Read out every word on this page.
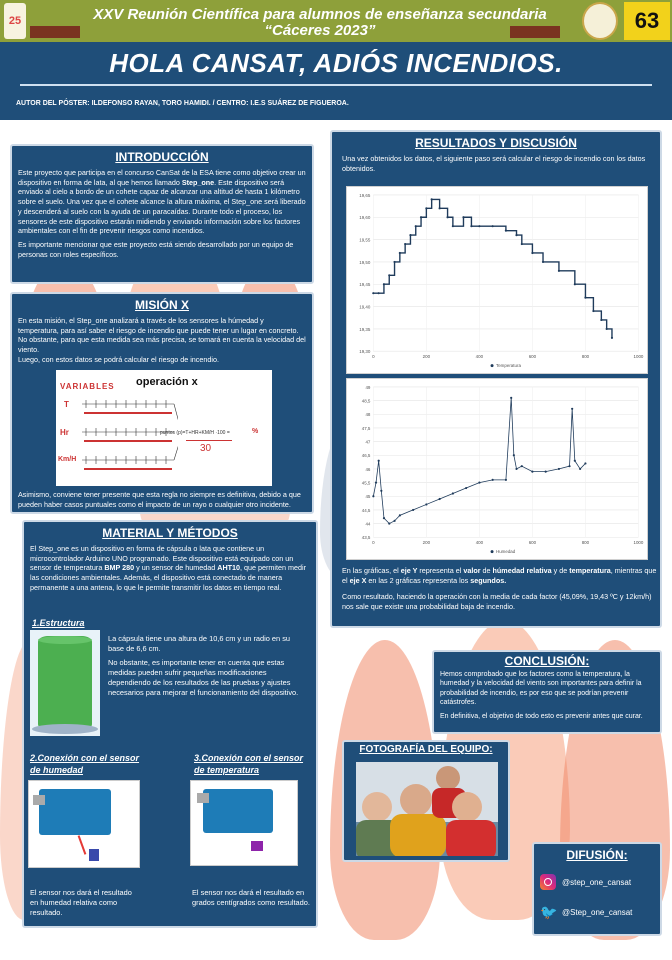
25	XXV Reunión Científica para alumnos de enseñanza secundaria
“Cáceres 2023”	63
HOLA CANSAT, ADIÓS INCENDIOS.
AUTOR DEL PÓSTER: ILDEFONSO RAYAN, TORO HAMIDI. / CENTRO: I.E.S SUÁREZ DE FIGUEROA.
INTRODUCCIÓN

Este proyecto que participa en el concurso CanSat de la ESA tiene como objetivo crear un dispositivo en forma de lata, al que hemos llamado Step_one. Este dispositivo será enviado al cielo a bordo de un cohete capaz de alcanzar una altitud de hasta 1 kilómetro sobre el suelo. Una vez que el cohete alcance la altura máxima, el Step_one será liberado y descenderá al suelo con la ayuda de un paracaídas. Durante todo el proceso, los sensores de este dispositivo estarán midiendo y enviando información sobre los factores ambientales con el fin de prevenir riesgos como incendios.

Es importante mencionar que este proyecto está siendo desarrollado por un equipo de personas con roles específicos.

MISIÓN X

En esta misión, el Step_one analizará a través de los sensores la húmedad y temperatura, para así saber el riesgo de incendio que puede tener un lugar en concreto. No obstante, para que esta medida sea más precisa, se tomará en cuenta la velocidad del viento.

Luego, con estos datos se podrá calcular el riesgo de incendio.

operación x
VARIABLES
T
Hr
Km/H
puntos (p)=T+HR+KM/H ·100 =	%
30

Asimismo, conviene tener presente que esta regla no siempre es definitiva, debido a que pueden haber casos puntuales como el impacto de un rayo o cualquier otro incidente.

MATERIAL Y MÉTODOS

El Step_one es un dispositivo en forma de cápsula o lata que contiene un microcontrolador Arduino UNO programado. Este dispositivo está equipado con un sensor de temperatura BMP 280 y un sensor de humedad AHT10, que permiten medir las condiciones ambientales. Además, el dispositivo está conectado de manera permanente a una antena, lo que le permite transmitir los datos en tiempo real.

1.Estructura

La cápsula tiene una altura de 10,6 cm y un radio en su base de 6,6 cm.

No obstante, es importante tener en cuenta que estas medidas pueden sufrir pequeñas modificaciones dependiendo de los resultados de las pruebas y ajustes necesarios para mejorar el funcionamiento del dispositivo.

2.Conexión con el sensor de humedad

El sensor nos dará el resultado en humedad relativa como resultado.

3.Conexión con el sensor de temperatura

El sensor nos dará el resultado en grados centígrados como resultado.

RESULTADOS Y DISCUSIÓN

Una vez obtenidos los datos, el siguiente paso será calcular el riesgo de incendio con los datos obtenidos.

19,30
19,35
19,40
19,45
19,50
19,55
19,60
19,65
0	200	400	600	800	1000
Temperatura
43,5
44
44,5
45
45,5
46
46,5
47
47,5
48
48,5
49
0	200	400	600	800	1000
Humedad

En las gráficas, el eje Y representa el valor de húmedad relativa y de temperatura, mientras que el eje X en las 2 gráficas representa los segundos.

Como resultado, haciendo la operación con la media de cada factor (45,09%, 19,43 ºC y 12km/h) nos sale que existe una probabilidad baja de incendio.

CONCLUSIÓN:

Hemos comprobado que los factores como la temperatura, la humedad y la velocidad del viento son importantes para definir la probabilidad de incendio, es por eso que se podrían prevenir catástrofes.

En definitiva, el objetivo de todo esto es prevenir antes que curar.

FOTOGRAFÍA DEL EQUIPO:
DIFUSIÓN:
@step_one_cansat
🐦 @Step_one_cansat
